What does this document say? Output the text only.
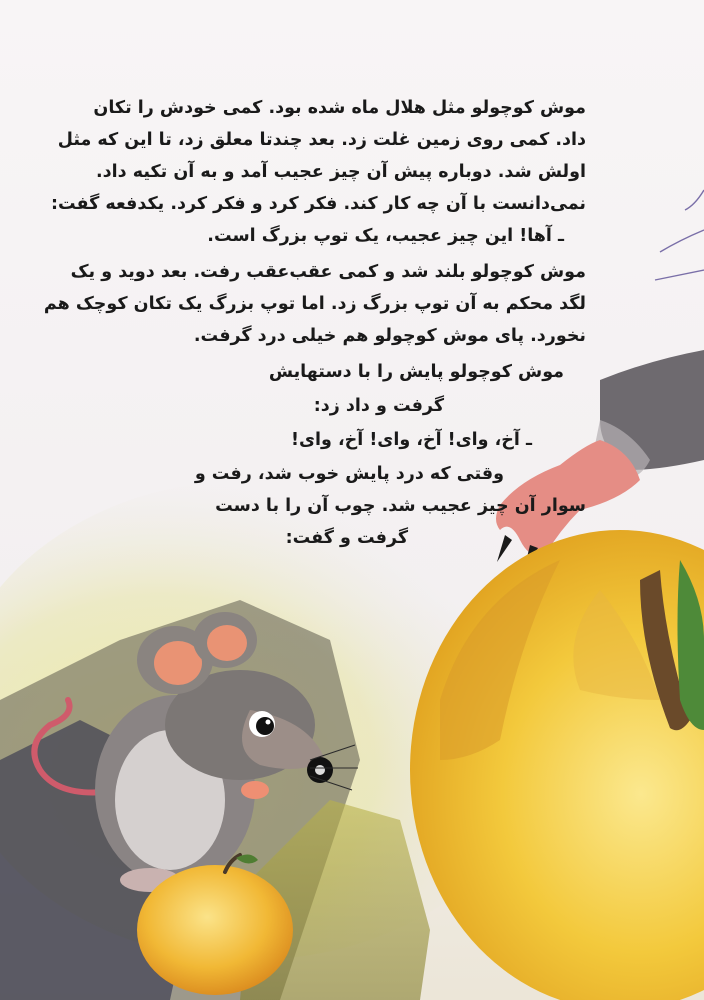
موش کوچولو مثل هلال ماه شده بود. کمی خودش را تکان
داد. کمی روی زمین غلت زد. بعد چندتا معلق زد، تا این که مثل
اولش شد. دوباره پیش آن چیز عجیب آمد و به آن تکیه داد.
نمی‌دانست با آن چه کار کند. فکر کرد و فکر کرد. یکدفعه گفت:
ـ آها! این چیز عجیب، یک توپ بزرگ است.
موش کوچولو بلند شد و کمی عقب‌عقب رفت. بعد دوید و یک
لگد محکم به آن توپ بزرگ زد. اما توپ بزرگ یک تکان کوچک هم
نخورد. پای موش کوچولو هم خیلی درد گرفت.
موش کوچولو پایش را با دستهایش
گرفت و داد زد:
ـ آخ، وای! آخ، وای! آخ، وای!
وقتی که درد پایش خوب شد، رفت و
سوار آن چیز عجیب شد. چوب آن را با دست
گرفت و گفت:
